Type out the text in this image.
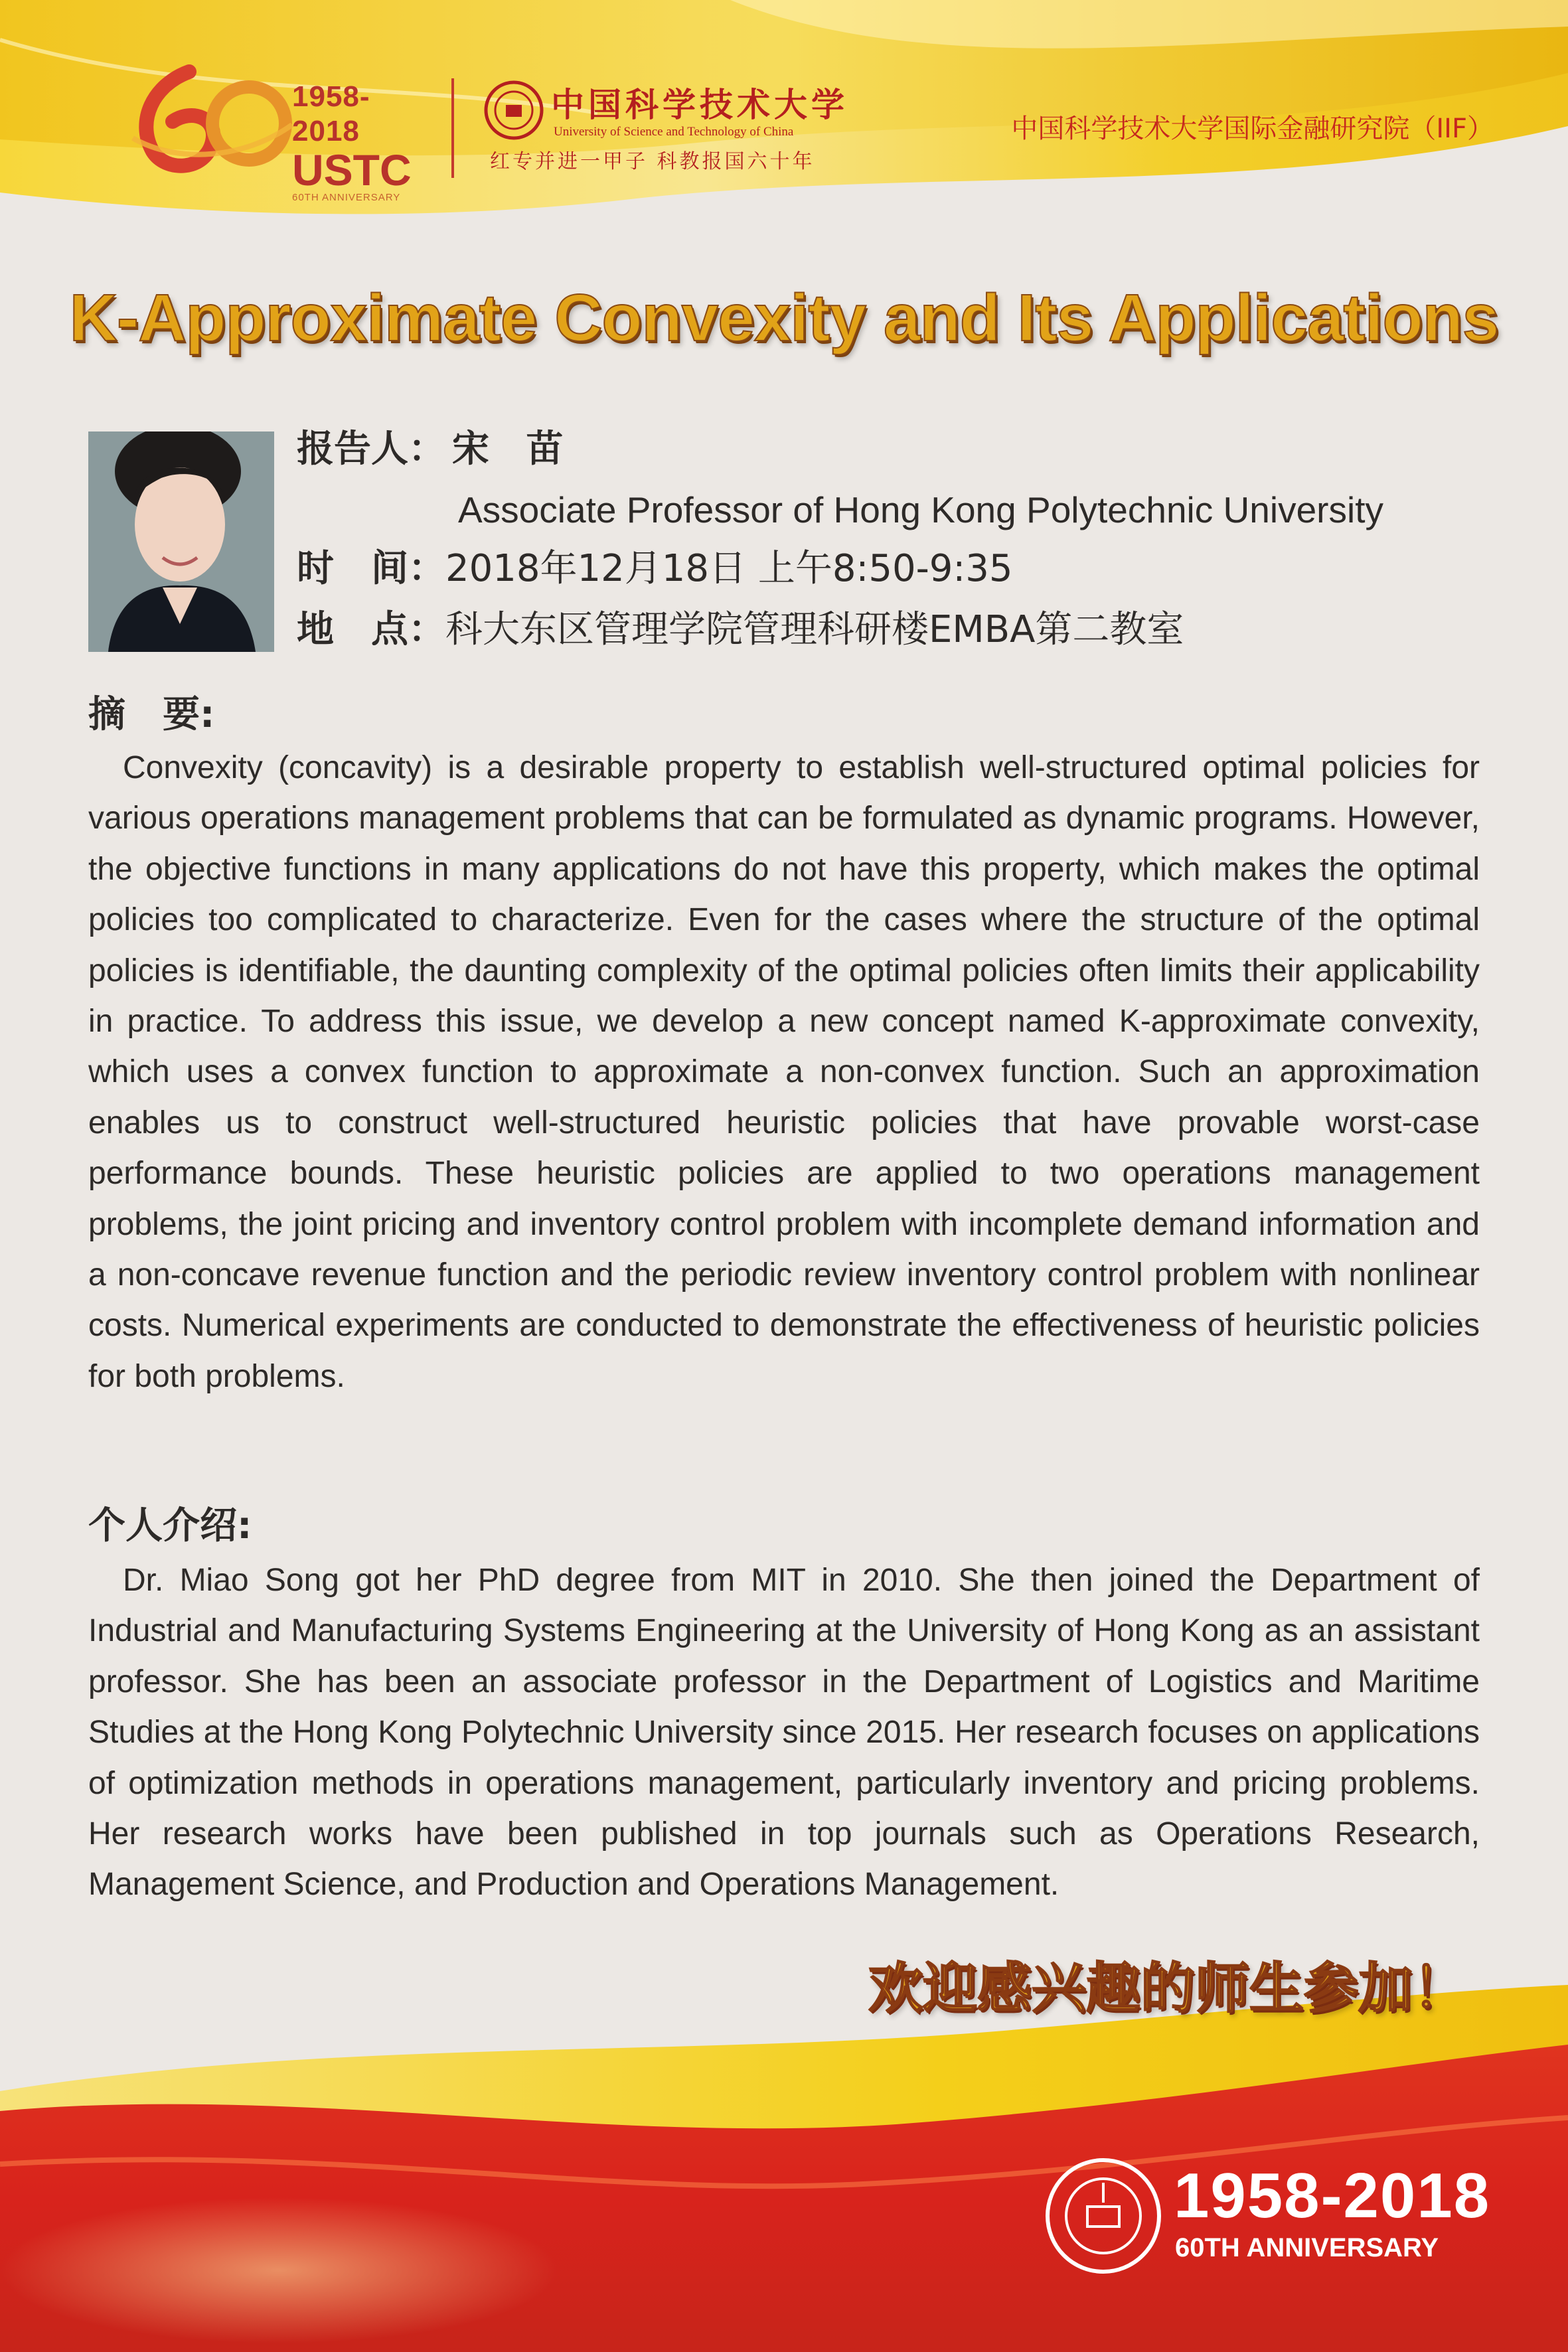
1958-2018
USTC
60TH ANNIVERSARY
中国科学技术大学
University of Science and Technology of China
红专并进一甲子 科教报国六十年
中国科学技术大学国际金融研究院（IIF）
K-Approximate Convexity and Its Applications
报告人： 宋 苗
Associate Professor of Hong Kong Polytechnic University
时　间：2018年12月18日 上午8:50-9:35
地　点：科大东区管理学院管理科研楼EMBA第二教室
摘　要:

Convexity (concavity) is a desirable property to establish well-structured optimal policies for various operations management problems that can be formulated as dynamic programs. However, the objective functions in many applications do not have this property, which makes the optimal policies too complicated to characterize. Even for the cases where the structure of the optimal policies is identifiable, the daunting complexity of the optimal policies often limits their applicability in practice. To address this issue, we develop a new concept named K-approximate convexity, which uses a convex function to approximate a non-convex function. Such an approximation enables us to construct well-structured heuristic policies that have provable worst-case performance bounds. These heuristic policies are applied to two operations management problems, the joint pricing and inventory control problem with incomplete demand information and a non-concave revenue function and the periodic review inventory control problem with nonlinear costs. Numerical experiments are conducted to demonstrate the effectiveness of heuristic policies for both problems.

个人介绍:

Dr. Miao Song got her PhD degree from MIT in 2010. She then joined the Department of Industrial and Manufacturing Systems Engineering at the University of Hong Kong as an assistant professor. She has been an associate professor in the Department of Logistics and Maritime Studies at the Hong Kong Polytechnic University since 2015. Her research focuses on applications of optimization methods in operations management, particularly inventory and pricing problems. Her research works have been published in top journals such as Operations Research, Management Science, and Production and Operations Management.

欢迎感兴趣的师生参加！
1958-2018
60TH ANNIVERSARY
